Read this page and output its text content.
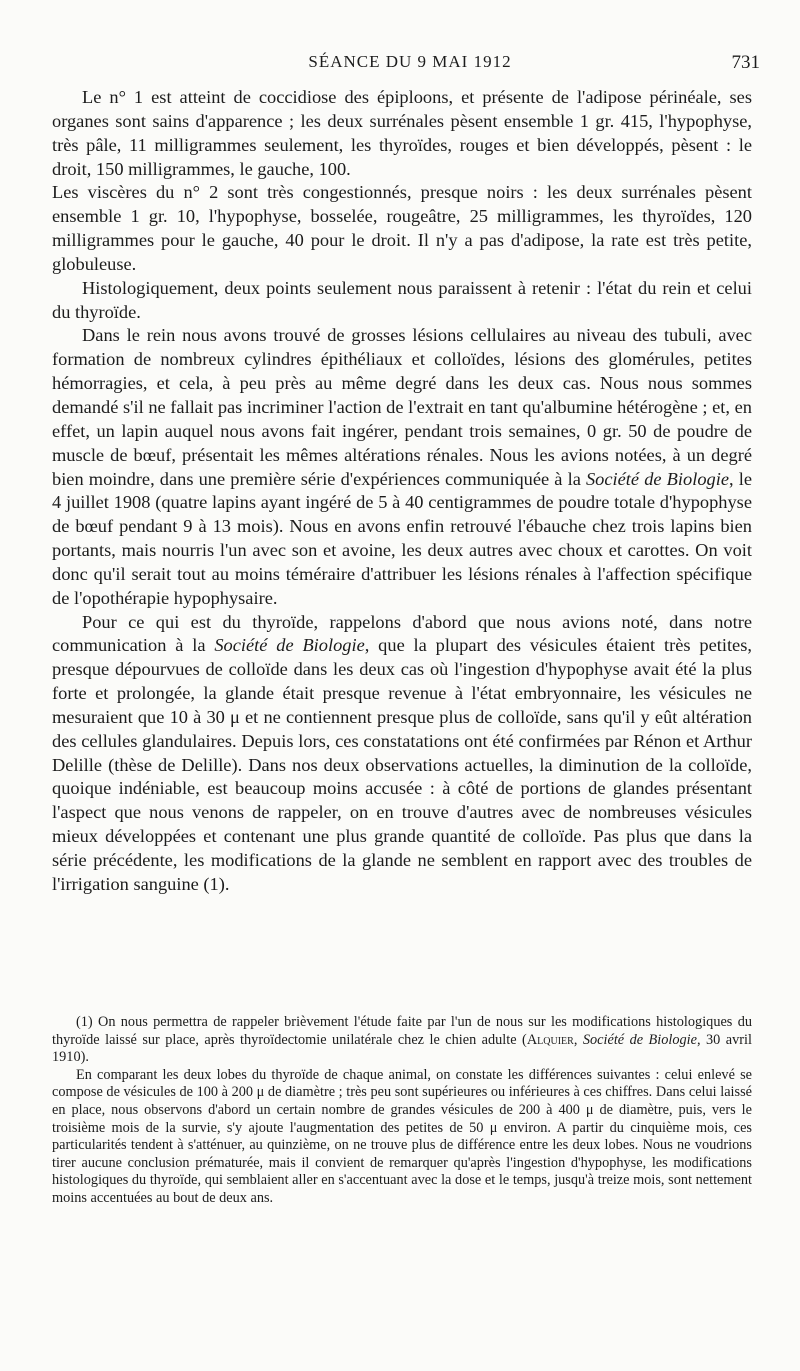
SÉANCE DU 9 MAI 1912	731

Le n° 1 est atteint de coccidiose des épiploons, et présente de l'adipose périnéale, ses organes sont sains d'apparence ; les deux surrénales pèsent ensemble 1 gr. 415, l'hypophyse, très pâle, 11 milligrammes seulement, les thyroïdes, rouges et bien développés, pèsent : le droit, 150 milligrammes, le gauche, 100.

Les viscères du n° 2 sont très congestionnés, presque noirs : les deux surrénales pèsent ensemble 1 gr. 10, l'hypophyse, bosselée, rougeâtre, 25 milligrammes, les thyroïdes, 120 milligrammes pour le gauche, 40 pour le droit. Il n'y a pas d'adipose, la rate est très petite, globuleuse.

Histologiquement, deux points seulement nous paraissent à retenir : l'état du rein et celui du thyroïde.

Dans le rein nous avons trouvé de grosses lésions cellulaires au niveau des tubuli, avec formation de nombreux cylindres épithéliaux et colloïdes, lésions des glomérules, petites hémorragies, et cela, à peu près au même degré dans les deux cas. Nous nous sommes demandé s'il ne fallait pas incriminer l'action de l'extrait en tant qu'albumine hétérogène ; et, en effet, un lapin auquel nous avons fait ingérer, pendant trois semaines, 0 gr. 50 de poudre de muscle de bœuf, présentait les mêmes altérations rénales. Nous les avions notées, à un degré bien moindre, dans une première série d'expériences communiquée à la Société de Biologie, le 4 juillet 1908 (quatre lapins ayant ingéré de 5 à 40 centigrammes de poudre totale d'hypophyse de bœuf pendant 9 à 13 mois). Nous en avons enfin retrouvé l'ébauche chez trois lapins bien portants, mais nourris l'un avec son et avoine, les deux autres avec choux et carottes. On voit donc qu'il serait tout au moins téméraire d'attribuer les lésions rénales à l'affection spécifique de l'opothérapie hypophysaire.

Pour ce qui est du thyroïde, rappelons d'abord que nous avions noté, dans notre communication à la Société de Biologie, que la plupart des vésicules étaient très petites, presque dépourvues de colloïde dans les deux cas où l'ingestion d'hypophyse avait été la plus forte et prolongée, la glande était presque revenue à l'état embryonnaire, les vésicules ne mesuraient que 10 à 30 μ et ne contiennent presque plus de colloïde, sans qu'il y eût altération des cellules glandulaires. Depuis lors, ces constatations ont été confirmées par Rénon et Arthur Delille (thèse de Delille). Dans nos deux observations actuelles, la diminution de la colloïde, quoique indéniable, est beaucoup moins accusée : à côté de portions de glandes présentant l'aspect que nous venons de rappeler, on en trouve d'autres avec de nombreuses vésicules mieux développées et contenant une plus grande quantité de colloïde. Pas plus que dans la série précédente, les modifications de la glande ne semblent en rapport avec des troubles de l'irrigation sanguine (1).

(1) On nous permettra de rappeler brièvement l'étude faite par l'un de nous sur les modifications histologiques du thyroïde laissé sur place, après thyroïdectomie unilatérale chez le chien adulte (Alquier, Société de Biologie, 30 avril 1910).

En comparant les deux lobes du thyroïde de chaque animal, on constate les différences suivantes : celui enlevé se compose de vésicules de 100 à 200 μ de diamètre ; très peu sont supérieures ou inférieures à ces chiffres. Dans celui laissé en place, nous observons d'abord un certain nombre de grandes vésicules de 200 à 400 μ de diamètre, puis, vers le troisième mois de la survie, s'y ajoute l'augmentation des petites de 50 μ environ. A partir du cinquième mois, ces particularités tendent à s'atténuer, au quinzième, on ne trouve plus de différence entre les deux lobes. Nous ne voudrions tirer aucune conclusion prématurée, mais il convient de remarquer qu'après l'ingestion d'hypophyse, les modifications histologiques du thyroïde, qui semblaient aller en s'accentuant avec la dose et le temps, jusqu'à treize mois, sont nettement moins accentuées au bout de deux ans.
